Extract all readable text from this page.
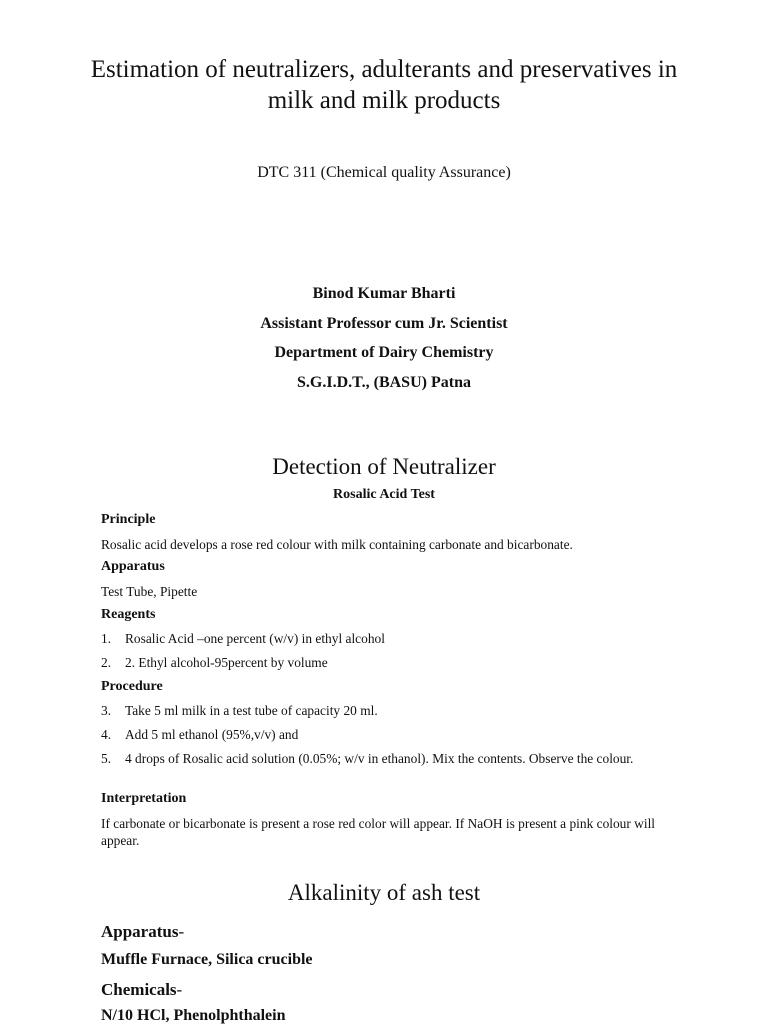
Estimation of neutralizers, adulterants and preservatives in milk and milk products
DTC 311 (Chemical quality Assurance)
Binod Kumar Bharti
Assistant Professor cum Jr. Scientist
Department of Dairy Chemistry
S.G.I.D.T., (BASU) Patna
Detection of Neutralizer
Rosalic Acid Test
Principle
Rosalic acid develops a rose red colour with milk containing carbonate and bicarbonate.
Apparatus
Test Tube, Pipette
Reagents
1.	Rosalic Acid –one percent (w/v) in ethyl alcohol
2.	2. Ethyl alcohol-95percent by volume
Procedure
3.	Take 5 ml milk in a test tube of capacity 20 ml.
4.	Add 5 ml ethanol (95%,v/v) and
5.	4 drops of Rosalic acid solution (0.05%; w/v in ethanol). Mix the contents. Observe the colour.
Interpretation
If carbonate or bicarbonate is present a rose red color will appear. If NaOH is present a pink colour will appear.
Alkalinity of ash test
Apparatus-
Muffle Furnace, Silica crucible
Chemicals-
N/10 HCl, Phenolphthalein
